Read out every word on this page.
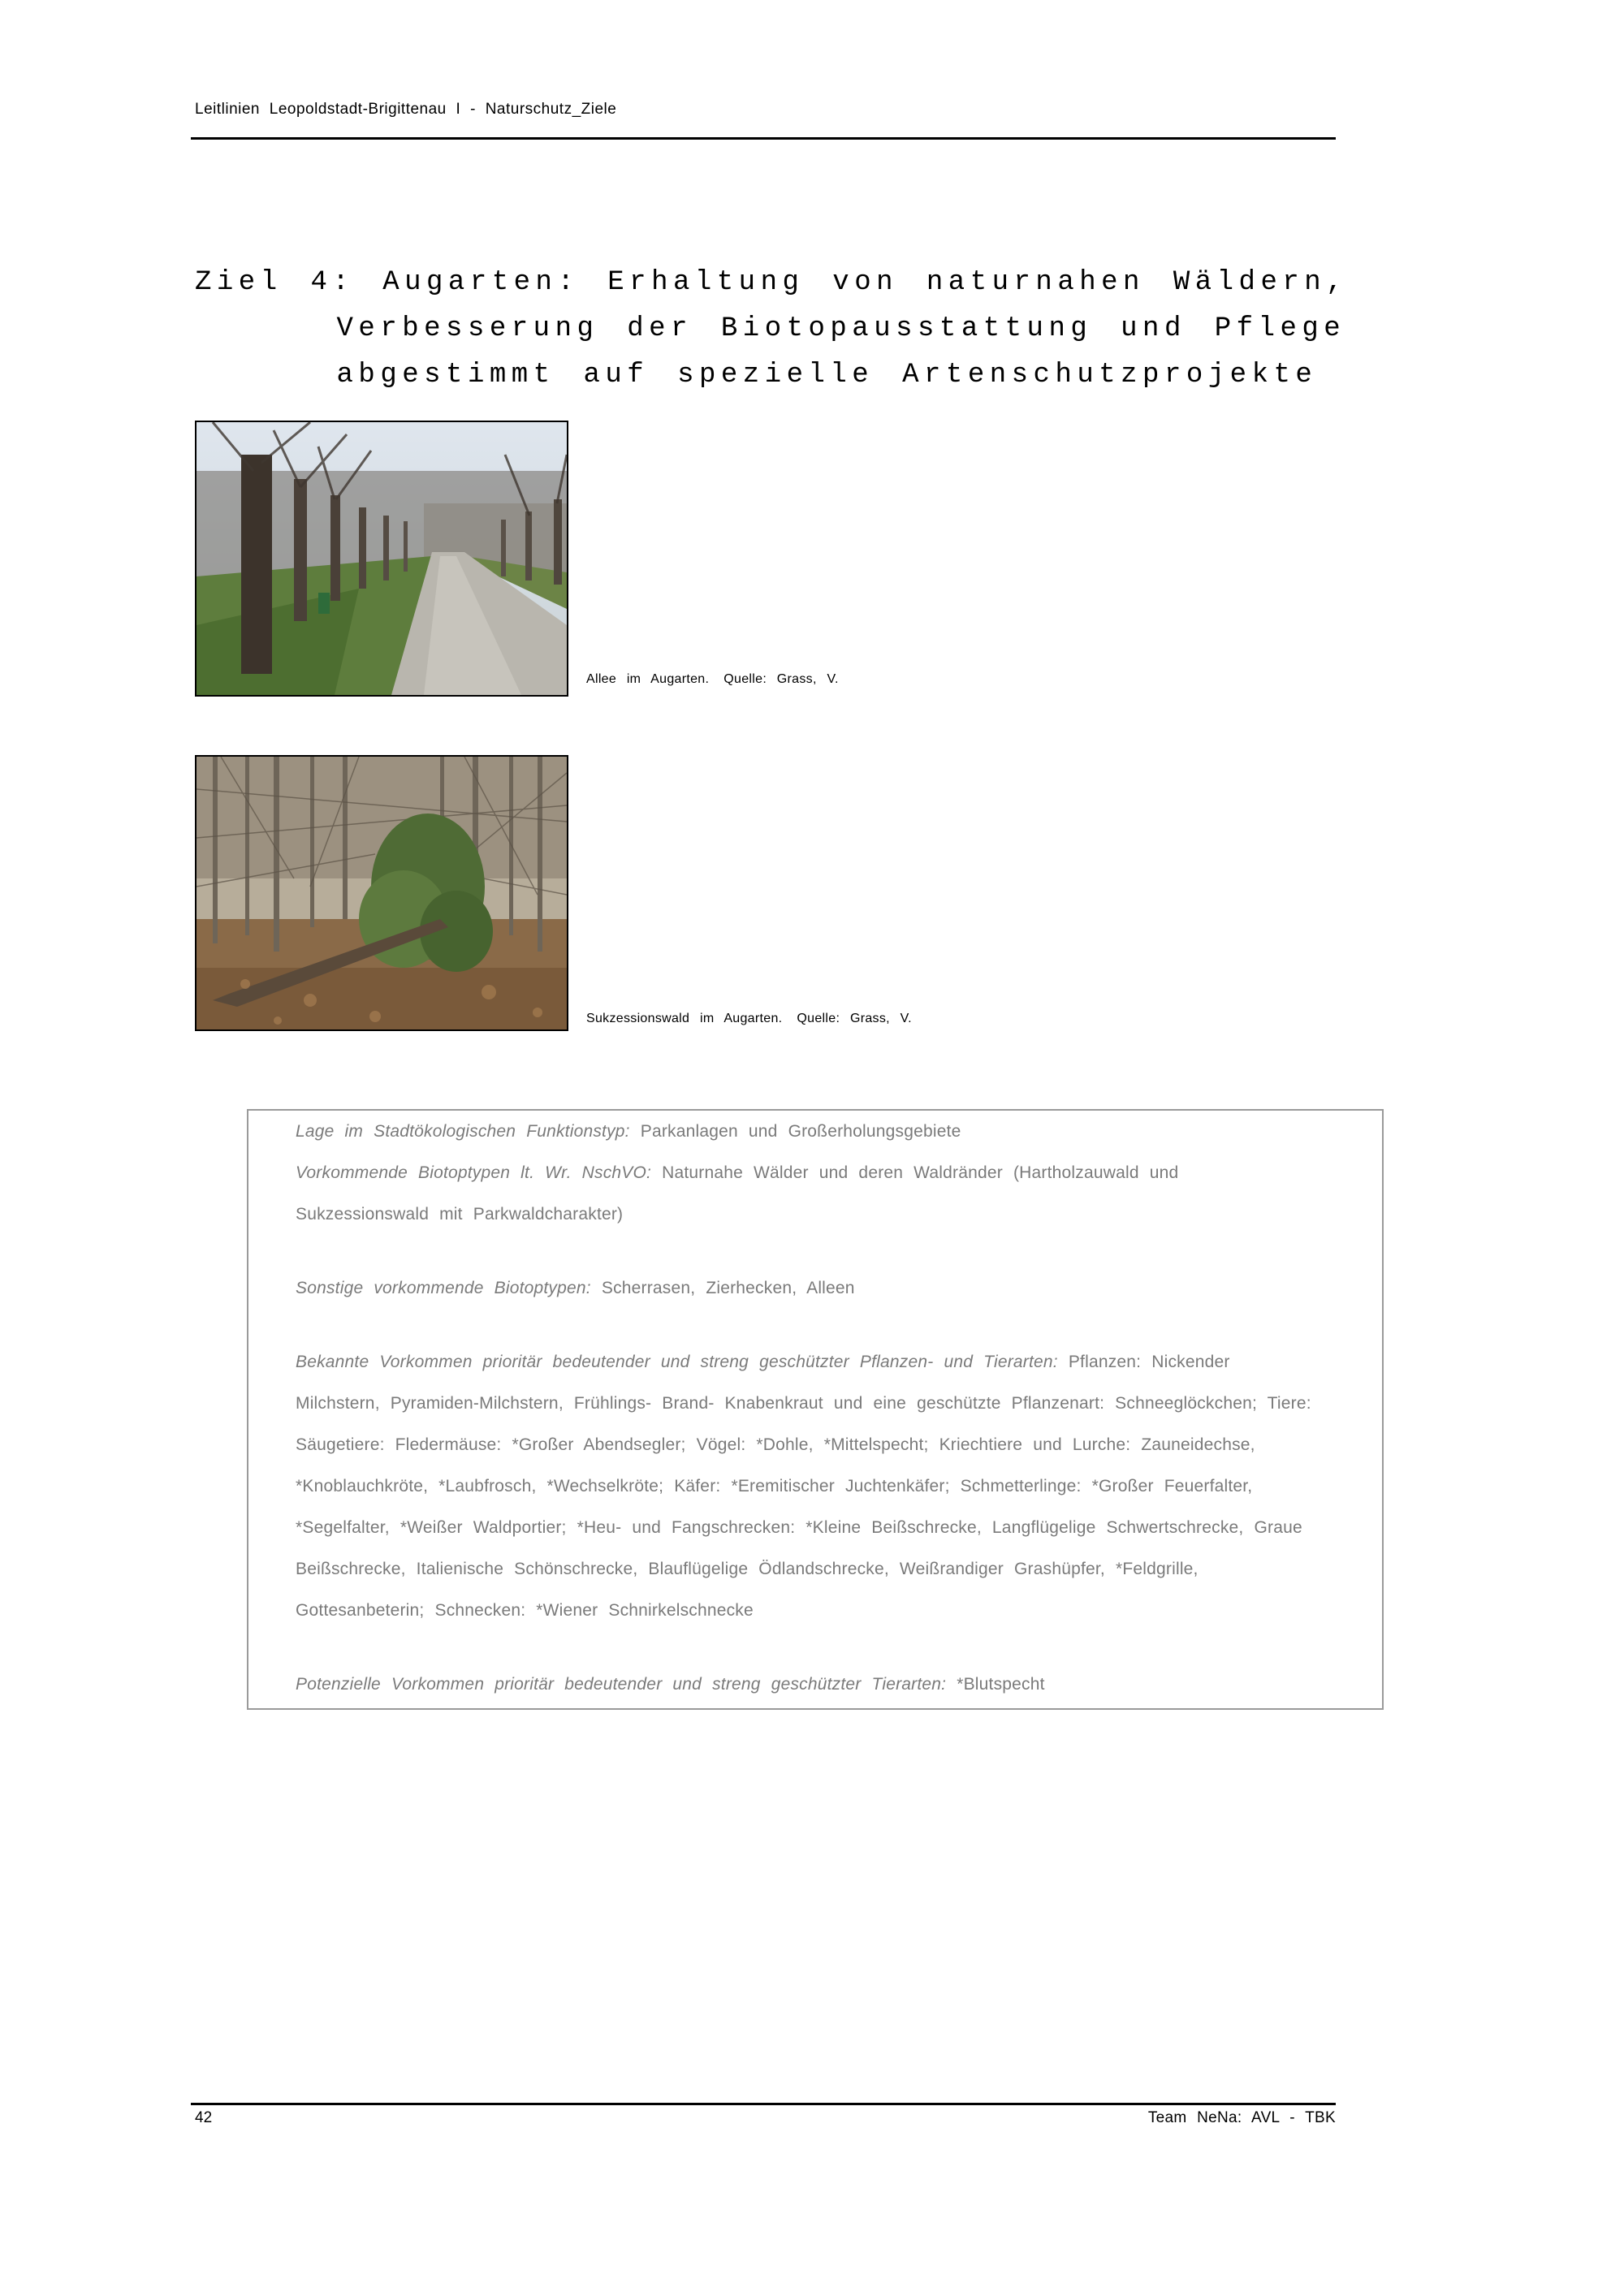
Leitlinien Leopoldstadt-Brigittenau I - Naturschutz_Ziele
Ziel 4: Augarten: Erhaltung von naturnahen Wäldern,
Verbesserung der Biotopausstattung und Pflege
abgestimmt auf spezielle Artenschutzprojekte
Allee im Augarten. Quelle: Grass, V.
Sukzessionswald im Augarten. Quelle: Grass, V.

Lage im Stadtökologischen Funktionstyp: Parkanlagen und Großerholungsgebiete

Vorkommende Biotoptypen lt. Wr. NschVO: Naturnahe Wälder und deren Waldränder (Hartholzauwald und

Sukzessionswald mit Parkwaldcharakter)

Sonstige vorkommende Biotoptypen: Scherrasen, Zierhecken, Alleen

Bekannte Vorkommen prioritär bedeutender und streng geschützter Pflanzen- und Tierarten: Pflanzen: Nickender

Milchstern, Pyramiden-Milchstern, Frühlings- Brand- Knabenkraut und eine geschützte Pflanzenart: Schneeglöckchen; Tiere:

Säugetiere: Fledermäuse: *Großer Abendsegler; Vögel: *Dohle, *Mittelspecht; Kriechtiere und Lurche: Zauneidechse,

*Knoblauchkröte, *Laubfrosch, *Wechselkröte; Käfer: *Eremitischer Juchtenkäfer; Schmetterlinge: *Großer Feuerfalter,

*Segelfalter, *Weißer Waldportier; *Heu- und Fangschrecken: *Kleine Beißschrecke, Langflügelige Schwertschrecke, Graue

Beißschrecke, Italienische Schönschrecke, Blauflügelige Ödlandschrecke, Weißrandiger Grashüpfer, *Feldgrille,

Gottesanbeterin; Schnecken: *Wiener Schnirkelschnecke

Potenzielle Vorkommen prioritär bedeutender und streng geschützter Tierarten: *Blutspecht

42	Team NeNa: AVL - TBK
